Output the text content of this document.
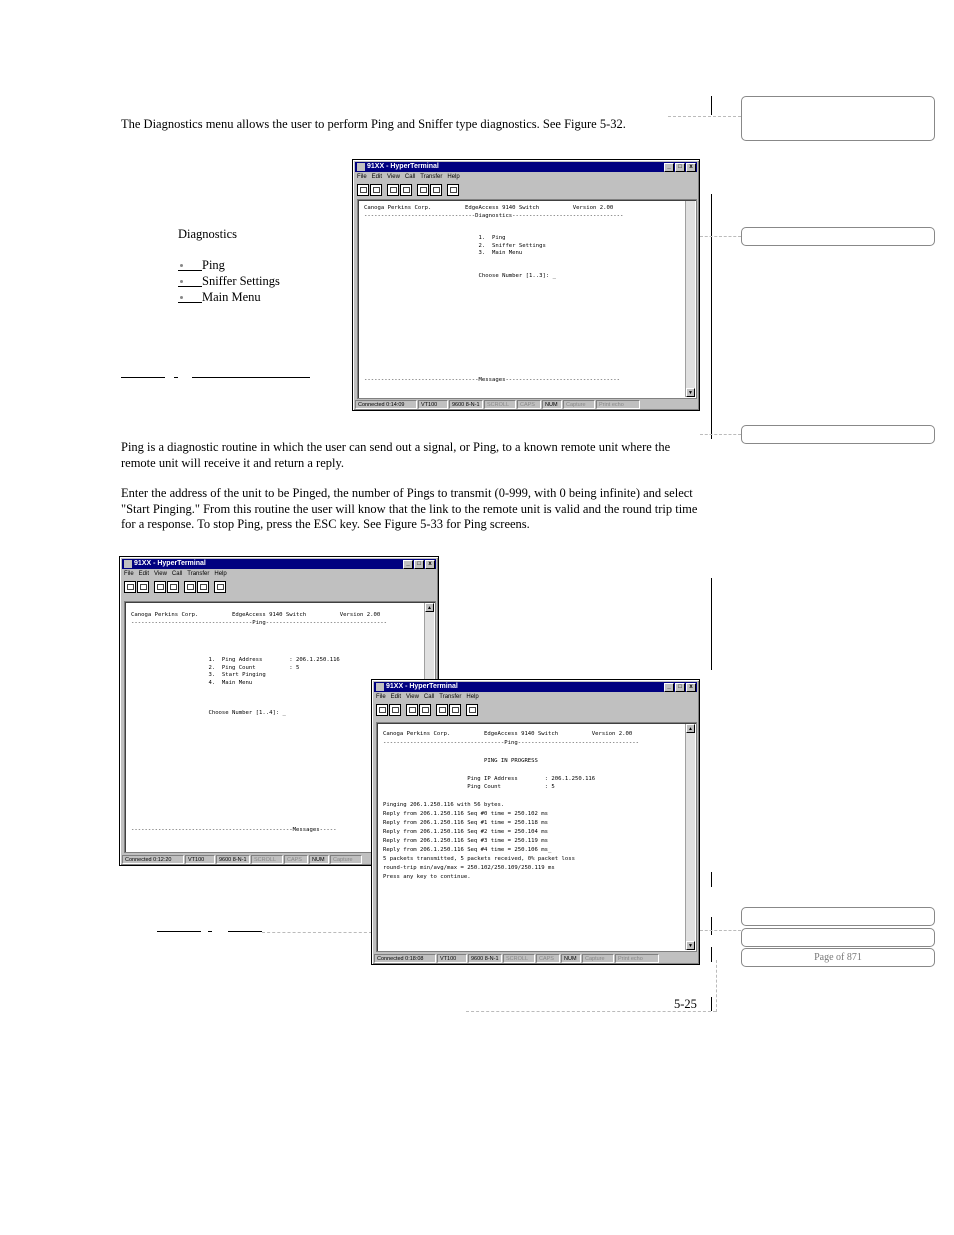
The Diagnostics menu allows the user to perform Ping and Sniffer type diagnostics. See Figure 5-32.
Diagnostics
Ping
Sniffer Settings
Main Menu
Ping is a diagnostic routine in which the user can send out a signal, or Ping, to a known remote unit where the remote unit will receive it and return a reply.
Enter the address of the unit to be Pinged, the number of Pings to transmit (0-999, with 0 being infinite) and select "Start Pinging." From this routine the user will know that the link to the remote unit is valid and the round trip time for a response. To stop Ping, press the ESC key. See Figure 5-33 for Ping screens.
5-25
Page of 871
91XX - HyperTerminal	_	□	x
File Edit View Call Transfer Help
Canoga Perkins Corp.          EdgeAccess 9140 Switch          Version 2.00
---------------------------------Diagnostics---------------------------------

1.  Ping
2.  Sniffer Settings
3.  Main Menu

Choose Number [1..3]: _
----------------------------------Messages----------------------------------
▼
Connected 0:14:09	VT100	9600 8-N-1	SCROLL	CAPS	NUM	Capture	Print echo
91XX - HyperTerminal	_	□	x
File Edit View Call Transfer Help
Canoga Perkins Corp.          EdgeAccess 9140 Switch          Version 2.00
------------------------------------Ping------------------------------------

1.  Ping Address        : 206.1.250.116
2.  Ping Count          : 5
3.  Start Pinging
4.  Main Menu

Choose Number [1..4]: _
------------------------------------------------Messages-----
▲
Connected 0:12:20	VT100	9600 8-N-1	SCROLL	CAPS	NUM	Capture
91XX - HyperTerminal	_	□	x
File Edit View Call Transfer Help
Canoga Perkins Corp.          EdgeAccess 9140 Switch          Version 2.00
------------------------------------Ping------------------------------------

PING IN PROGRESS

Ping IP Address        : 206.1.250.116
Ping Count             : 5

Pinging 206.1.250.116 with 56 bytes.
Reply from 206.1.250.116 Seq #0 time = 250.102 ms
Reply from 206.1.250.116 Seq #1 time = 250.118 ms
Reply from 206.1.250.116 Seq #2 time = 250.104 ms
Reply from 206.1.250.116 Seq #3 time = 250.119 ms
Reply from 206.1.250.116 Seq #4 time = 250.106 ms_
5 packets transmitted, 5 packets received, 0% packet loss
round-trip min/avg/max = 250.102/250.109/250.119 ms
Press any key to continue.
▲
▼
Connected 0:18:08	VT100	9600 8-N-1	SCROLL	CAPS	NUM	Capture	Print echo
